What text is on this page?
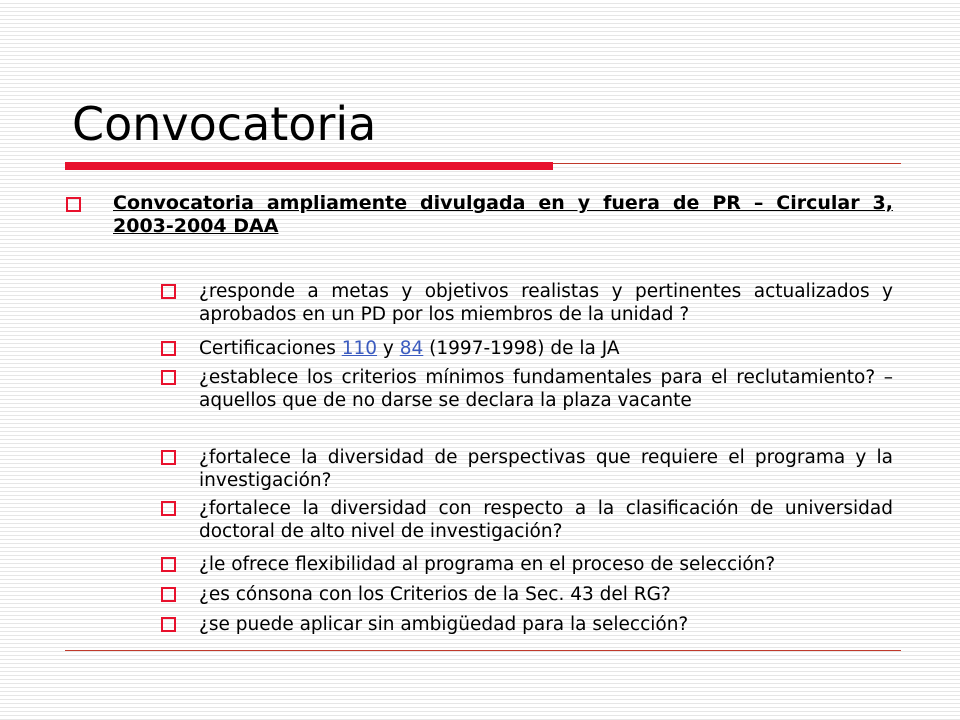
Convocatoria
Convocatoria ampliamente divulgada en y fuera de PR – Circular 3, 2003-2004 DAA
¿responde a metas y objetivos realistas y pertinentes actualizados y aprobados en un PD por los miembros de la unidad ?
Certificaciones 110 y 84 (1997-1998) de la JA
¿establece los criterios mínimos fundamentales para el reclutamiento? – aquellos que de no darse se declara la plaza vacante
¿fortalece la diversidad de perspectivas que requiere el programa y la investigación?
¿fortalece la diversidad con respecto a la clasificación de universidad doctoral de alto nivel de investigación?
¿le ofrece flexibilidad al programa en el proceso de selección?
¿es cónsona con los Criterios de la Sec. 43 del RG?
¿se puede aplicar sin ambigüedad para la selección?
